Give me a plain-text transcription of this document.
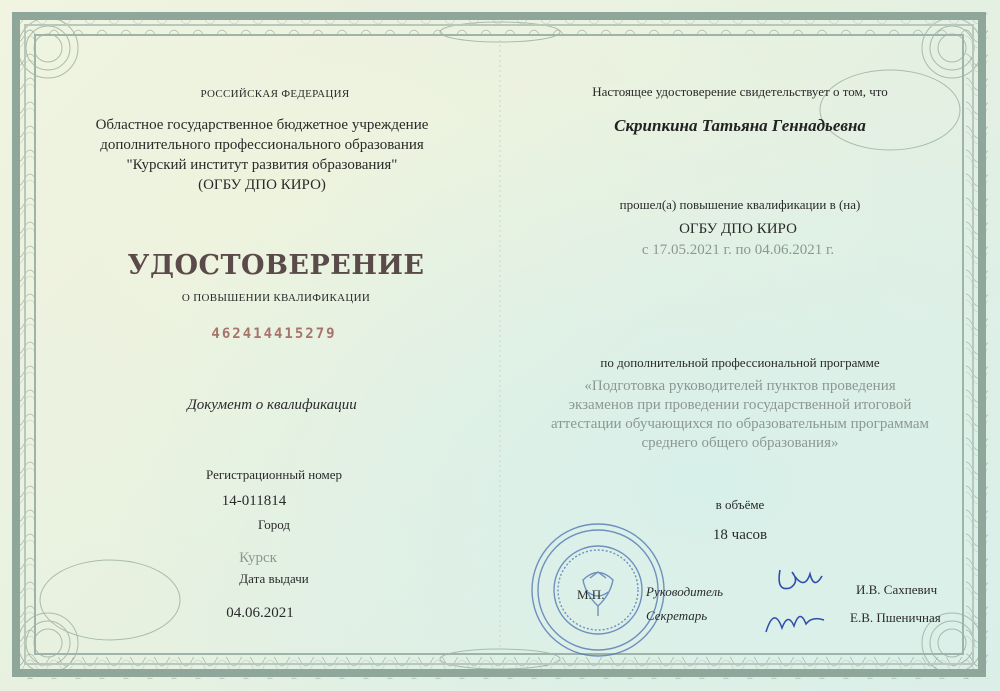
РОССИЙСКАЯ ФЕДЕРАЦИЯ
Областное государственное бюджетное учреждение
дополнительного профессионального образования
"Курский институт развития образования"
(ОГБУ ДПО КИРО)
УДОСТОВЕРЕНИЕ
О ПОВЫШЕНИИ КВАЛИФИКАЦИИ
462414415279
Документ о квалификации
Регистрационный номер
14-011814
Город
Курск
Дата выдачи
04.06.2021
Настоящее удостоверение свидетельствует о том, что
Скрипкина Татьяна Геннадьевна
прошел(а) повышение квалификации в (на)
ОГБУ ДПО КИРО
с 17.05.2021 г. по 04.06.2021 г.
по дополнительной профессиональной программе
«Подготовка руководителей пунктов проведения
экзаменов при проведении государственной итоговой
аттестации обучающихся по образовательным программам
среднего общего образования»
в объёме
18 часов
М.П.	Руководитель
Секретарь
И.В. Сахпевич
Е.В. Пшеничная
